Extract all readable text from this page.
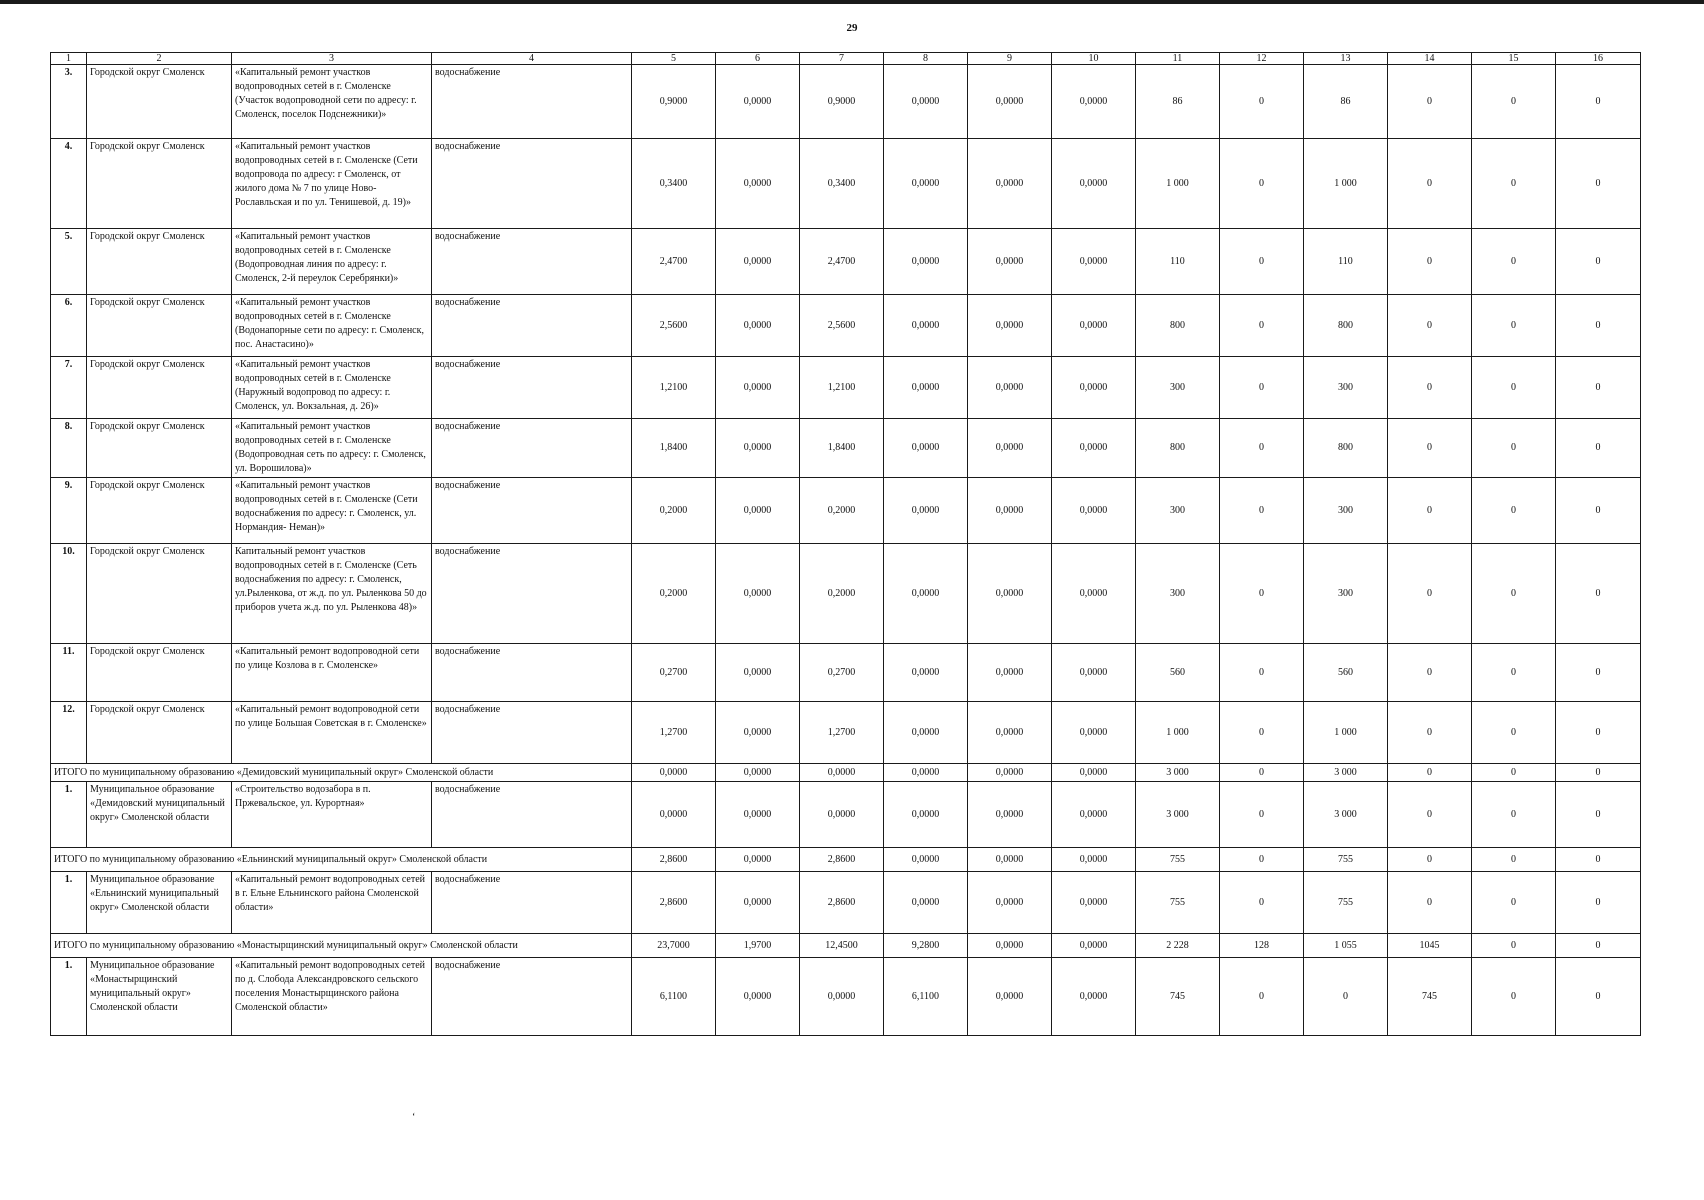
29
1	2	3	4	5	6	7	8	9	10	11	12	13	14	15	16
3.	Городской округ Смоленск	«Капитальный ремонт участков водопроводных сетей в г. Смоленске (Участок водопроводной сети по адресу: г. Смоленск, поселок Подснежники)»	водоснабжение	0,9000	0,0000	0,9000	0,0000	0,0000	0,0000	86	0	86	0	0	0
4.	Городской округ Смоленск	«Капитальный ремонт участков водопроводных сетей в г. Смоленске (Сети водопровода по адресу: г Смоленск, от жилого дома № 7 по улице Ново-Рославльская и по ул. Тенишевой, д. 19)»	водоснабжение	0,3400	0,0000	0,3400	0,0000	0,0000	0,0000	1 000	0	1 000	0	0	0
5.	Городской округ Смоленск	«Капитальный ремонт участков водопроводных сетей в г. Смоленске (Водопроводная линия по адресу: г. Смоленск, 2-й переулок Серебрянки)»	водоснабжение	2,4700	0,0000	2,4700	0,0000	0,0000	0,0000	110	0	110	0	0	0
6.	Городской округ Смоленск	«Капитальный ремонт участков водопроводных сетей в г. Смоленске (Водонапорные сети по адресу: г. Смоленск, пос. Анастасино)»	водоснабжение	2,5600	0,0000	2,5600	0,0000	0,0000	0,0000	800	0	800	0	0	0
7.	Городской округ Смоленск	«Капитальный ремонт участков водопроводных сетей в г. Смоленске (Наружный водопровод по адресу: г. Смоленск, ул. Вокзальная, д. 26)»	водоснабжение	1,2100	0,0000	1,2100	0,0000	0,0000	0,0000	300	0	300	0	0	0
8.	Городской округ Смоленск	«Капитальный ремонт участков водопроводных сетей в г. Смоленске (Водопроводная сеть по адресу: г. Смоленск, ул. Ворошилова)»	водоснабжение	1,8400	0,0000	1,8400	0,0000	0,0000	0,0000	800	0	800	0	0	0
9.	Городской округ Смоленск	«Капитальный ремонт участков водопроводных сетей в г. Смоленске (Сети водоснабжения по адресу: г. Смоленск, ул. Нормандия- Неман)»	водоснабжение	0,2000	0,0000	0,2000	0,0000	0,0000	0,0000	300	0	300	0	0	0
10.	Городской округ Смоленск	Капитальный ремонт участков водопроводных сетей в г. Смоленске (Сеть водоснабжения по адресу: г. Смоленск, ул.Рыленкова, от ж.д. по ул. Рыленкова 50 до приборов учета ж.д. по ул. Рыленкова 48)»	водоснабжение	0,2000	0,0000	0,2000	0,0000	0,0000	0,0000	300	0	300	0	0	0
11.	Городской округ Смоленск	«Капитальный ремонт водопроводной сети по улице Козлова в г. Смоленске»	водоснабжение	0,2700	0,0000	0,2700	0,0000	0,0000	0,0000	560	0	560	0	0	0
12.	Городской округ Смоленск	«Капитальный ремонт водопроводной сети по улице Большая Советская в г. Смоленске»	водоснабжение	1,2700	0,0000	1,2700	0,0000	0,0000	0,0000	1 000	0	1 000	0	0	0
ИТОГО по муниципальному образованию «Демидовский муниципальный округ» Смоленской области				0,0000	0,0000	0,0000	0,0000	0,0000	0,0000	3 000	0	3 000	0	0	0
1.	Муниципальное образование «Демидовский муниципальный округ» Смоленской области	«Строительство водозабора в п. Пржевальское, ул. Курортная»	водоснабжение	0,0000	0,0000	0,0000	0,0000	0,0000	0,0000	3 000	0	3 000	0	0	0
ИТОГО по муниципальному образованию «Ельнинский муниципальный округ» Смоленской области				2,8600	0,0000	2,8600	0,0000	0,0000	0,0000	755	0	755	0	0	0
1.	Муниципальное образование «Ельнинский муниципальный округ» Смоленской области	«Капитальный ремонт водопроводных сетей в г. Ельне Ельнинского района Смоленской области»	водоснабжение	2,8600	0,0000	2,8600	0,0000	0,0000	0,0000	755	0	755	0	0	0
ИТОГО по муниципальному образованию «Монастырщинский муниципальный округ» Смоленской области				23,7000	1,9700	12,4500	9,2800	0,0000	0,0000	2 228	128	1 055	1045	0	0
1.	Муниципальное образование «Монастырщинский муниципальный округ» Смоленской области	«Капитальный ремонт водопроводных сетей по д. Слобода Александровского сельского поселения Монастырщинского района Смоленской области»	водоснабжение	6,1100	0,0000	0,0000	6,1100	0,0000	0,0000	745	0	0	745	0	0
ʻ
